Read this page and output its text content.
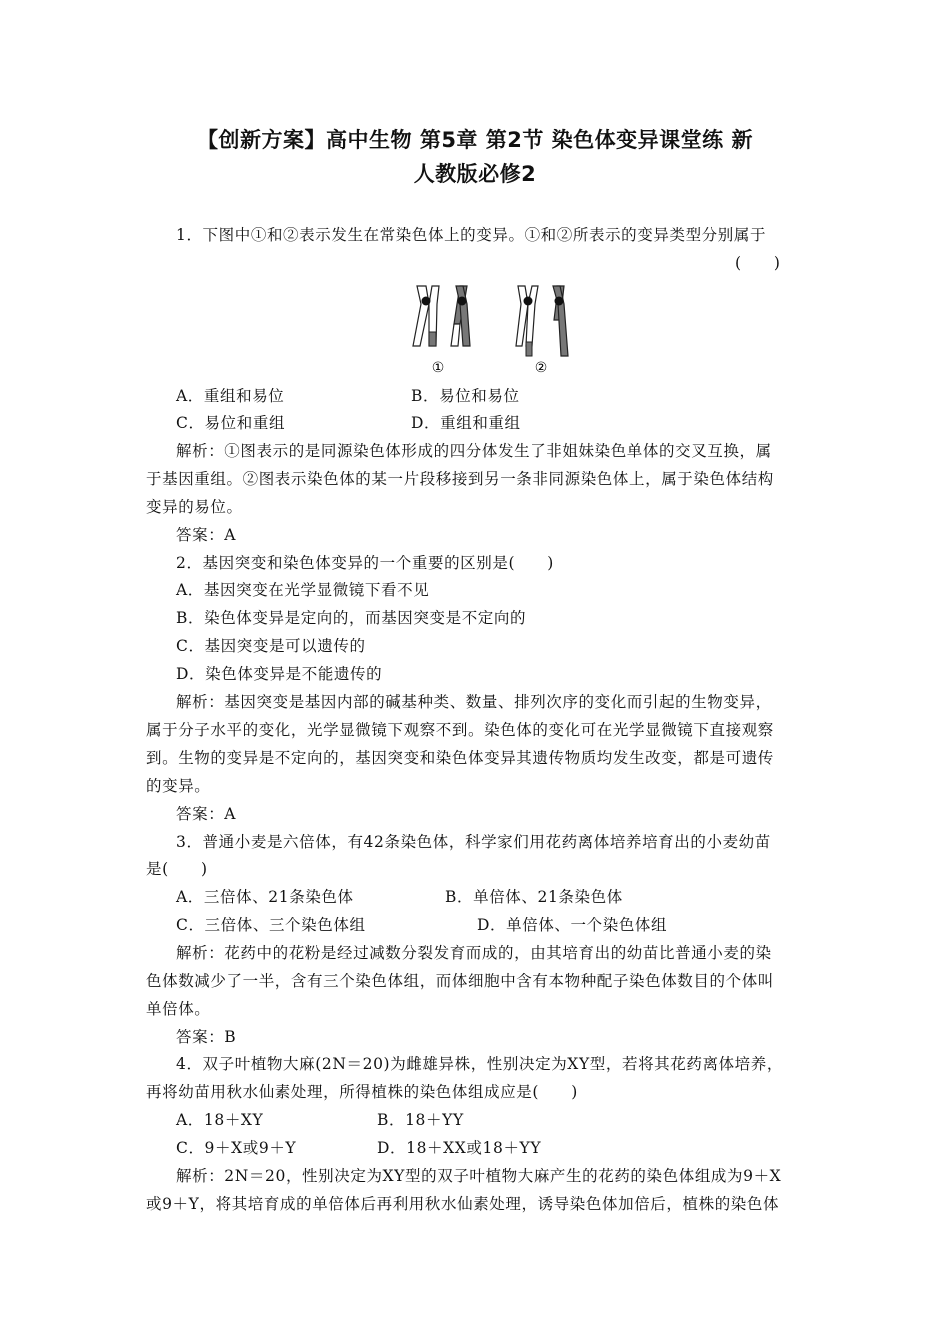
【创新方案】高中生物 第5章 第2节 染色体变异课堂练 新
人教版必修2
1．下图中①和②表示发生在常染色体上的变异。①和②所表示的变异类型分别属于
(　　)
①	②
A．重组和易位	B．易位和易位
C．易位和重组	D．重组和重组
解析：①图表示的是同源染色体形成的四分体发生了非姐妹染色单体的交叉互换，属
于基因重组。②图表示染色体的某一片段移接到另一条非同源染色体上，属于染色体结构
变异的易位。
答案：A
2．基因突变和染色体变异的一个重要的区别是(　　)
A．基因突变在光学显微镜下看不见
B．染色体变异是定向的，而基因突变是不定向的
C．基因突变是可以遗传的
D．染色体变异是不能遗传的
解析：基因突变是基因内部的碱基种类、数量、排列次序的变化而引起的生物变异，
属于分子水平的变化，光学显微镜下观察不到。染色体的变化可在光学显微镜下直接观察
到。生物的变异是不定向的，基因突变和染色体变异其遗传物质均发生改变，都是可遗传
的变异。
答案：A
3．普通小麦是六倍体，有42条染色体，科学家们用花药离体培养培育出的小麦幼苗
是(　　)
A．三倍体、21条染色体	B．单倍体、21条染色体
C．三倍体、三个染色体组	D．单倍体、一个染色体组
解析：花药中的花粉是经过减数分裂发育而成的，由其培育出的幼苗比普通小麦的染
色体数减少了一半，含有三个染色体组，而体细胞中含有本物种配子染色体数目的个体叫
单倍体。
答案：B
4．双子叶植物大麻(2N＝20)为雌雄异株，性别决定为XY型，若将其花药离体培养，
再将幼苗用秋水仙素处理，所得植株的染色体组成应是(　　)
A．18＋XY	B．18＋YY
C．9＋X或9＋Y	D．18＋XX或18＋YY
解析：2N＝20，性别决定为XY型的双子叶植物大麻产生的花药的染色体组成为9＋X
或9＋Y，将其培育成的单倍体后再利用秋水仙素处理，诱导染色体加倍后，植株的染色体
